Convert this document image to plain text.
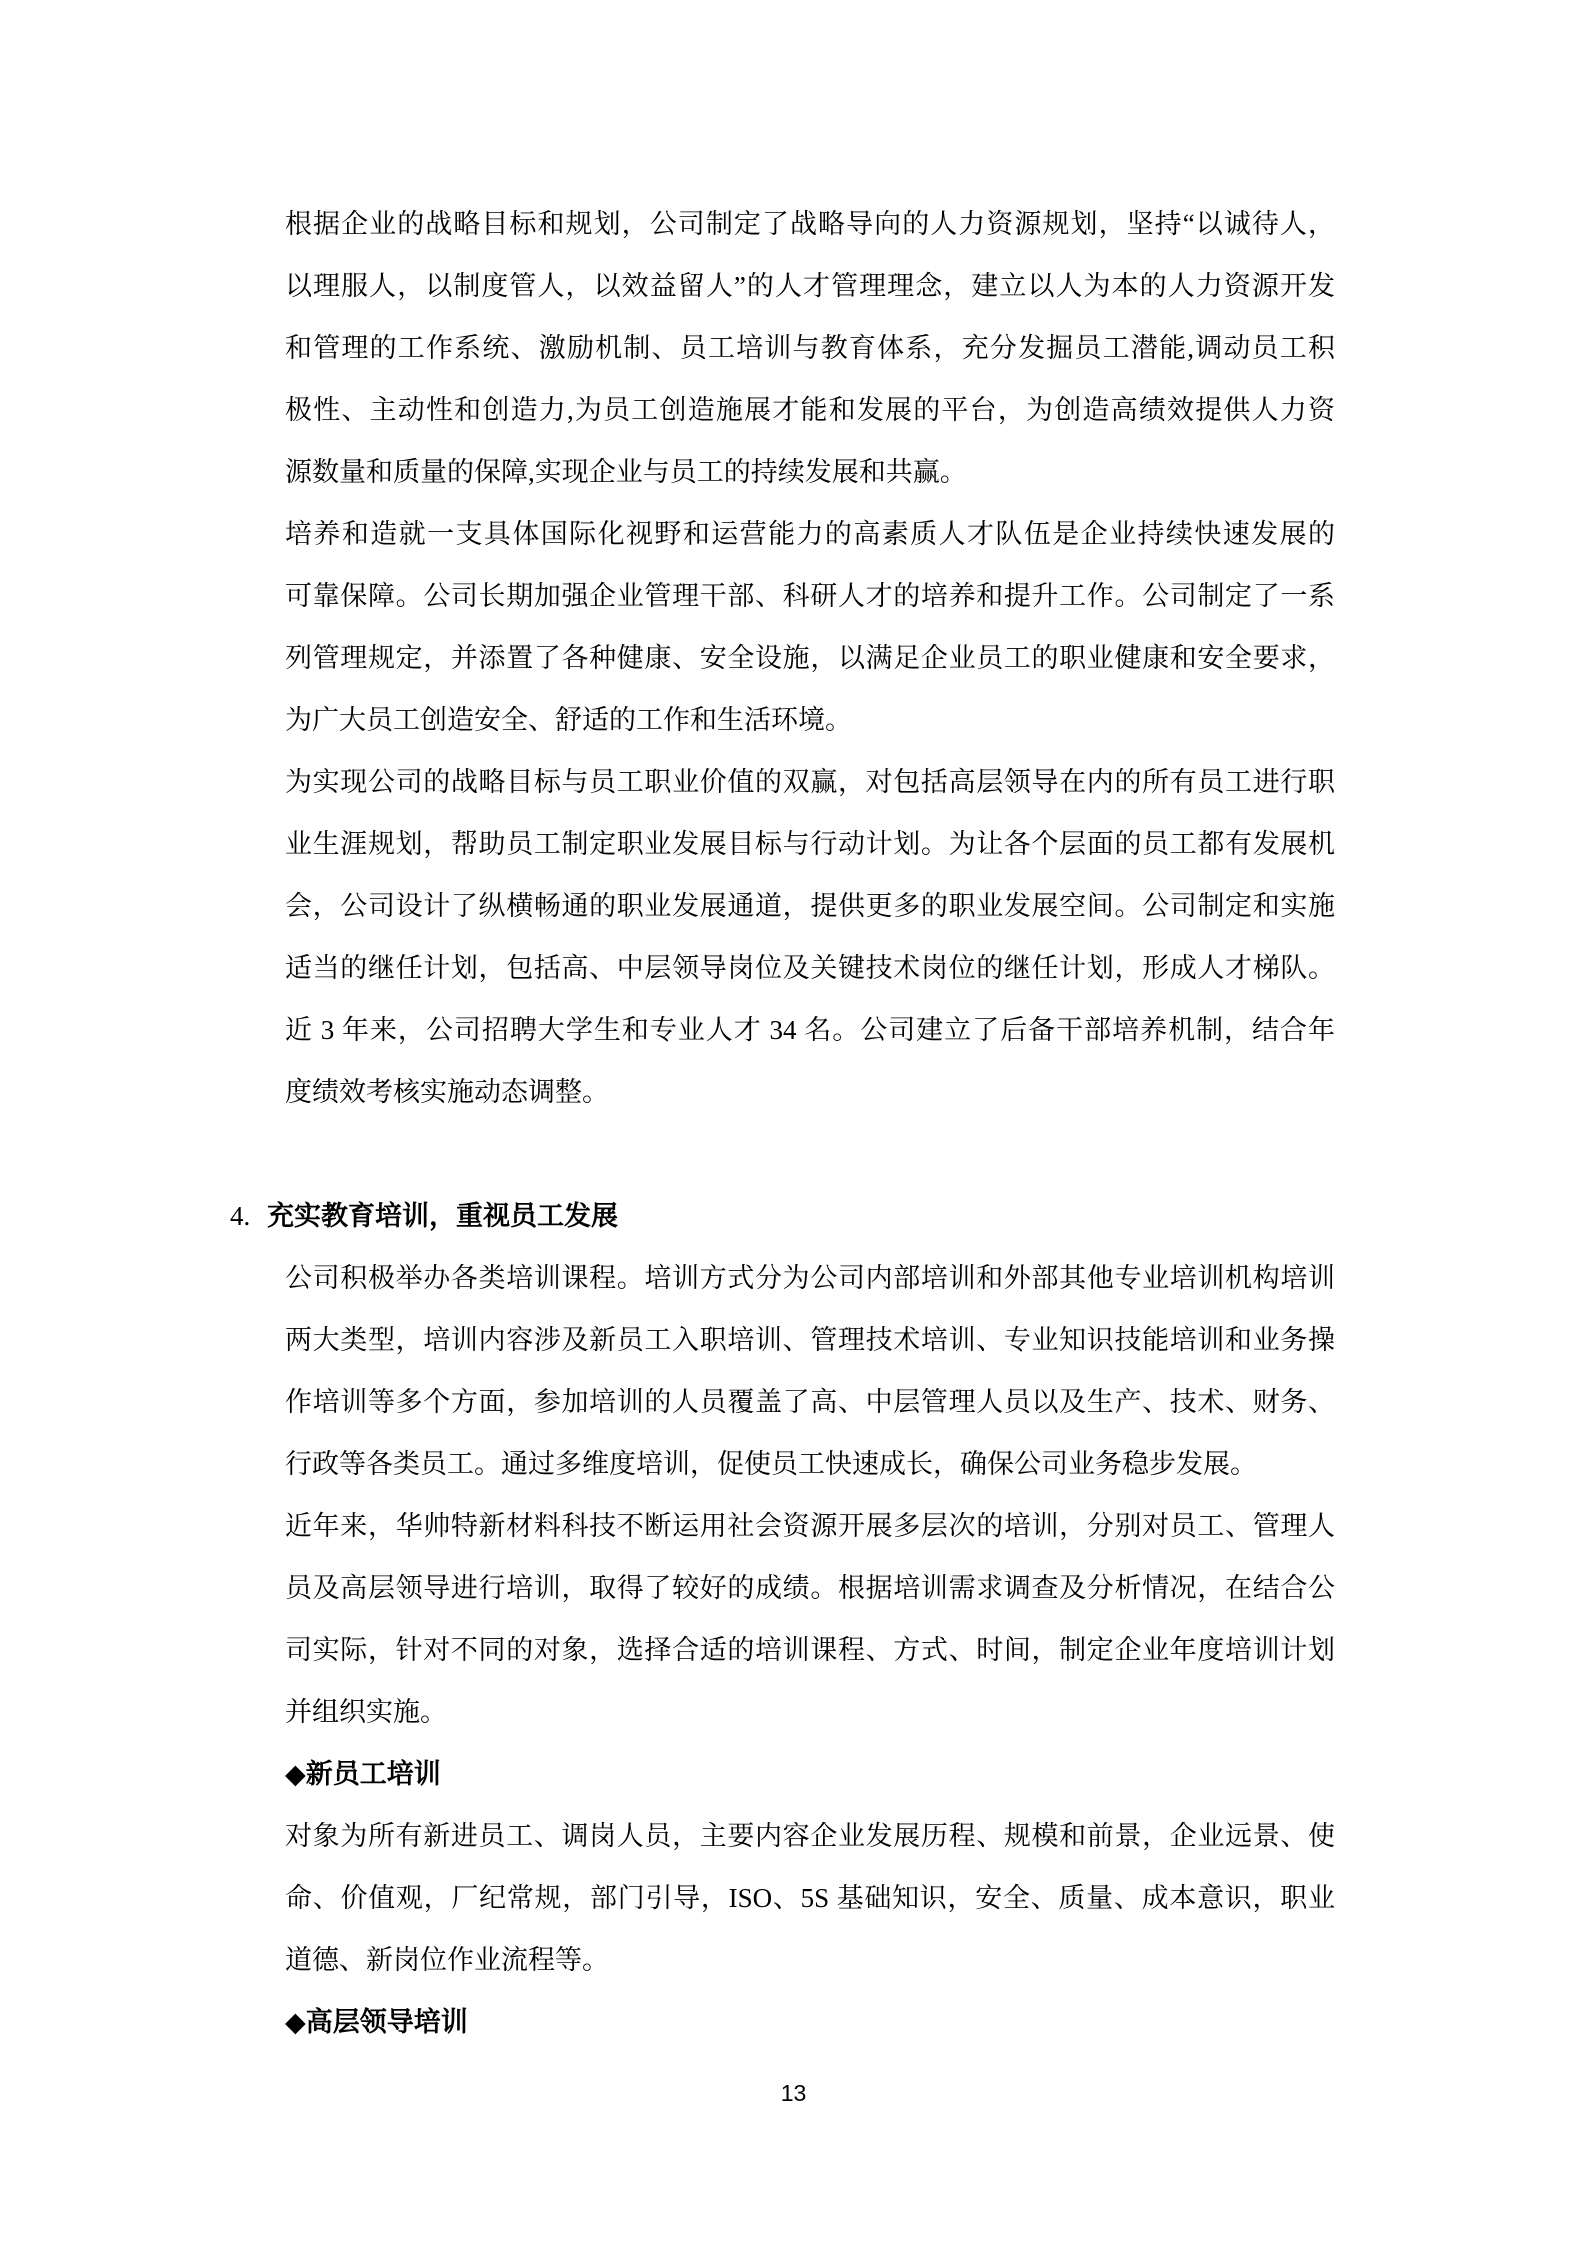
根据企业的战略目标和规划，公司制定了战略导向的人力资源规划，坚持“以诚待人，
以理服人，以制度管人，以效益留人”的人才管理理念，建立以人为本的人力资源开发
和管理的工作系统、激励机制、员工培训与教育体系，充分发掘员工潜能,调动员工积
极性、主动性和创造力,为员工创造施展才能和发展的平台，为创造高绩效提供人力资
源数量和质量的保障,实现企业与员工的持续发展和共赢。
培养和造就一支具体国际化视野和运营能力的高素质人才队伍是企业持续快速发展的
可靠保障。公司长期加强企业管理干部、科研人才的培养和提升工作。公司制定了一系
列管理规定，并添置了各种健康、安全设施，以满足企业员工的职业健康和安全要求，
为广大员工创造安全、舒适的工作和生活环境。
为实现公司的战略目标与员工职业价值的双赢，对包括高层领导在内的所有员工进行职
业生涯规划，帮助员工制定职业发展目标与行动计划。为让各个层面的员工都有发展机
会，公司设计了纵横畅通的职业发展通道，提供更多的职业发展空间。公司制定和实施
适当的继任计划，包括高、中层领导岗位及关键技术岗位的继任计划，形成人才梯队。
近 3 年来，公司招聘大学生和专业人才 34 名。公司建立了后备干部培养机制，结合年
度绩效考核实施动态调整。
4. 充实教育培训，重视员工发展
公司积极举办各类培训课程。培训方式分为公司内部培训和外部其他专业培训机构培训
两大类型，培训内容涉及新员工入职培训、管理技术培训、专业知识技能培训和业务操
作培训等多个方面，参加培训的人员覆盖了高、中层管理人员以及生产、技术、财务、
行政等各类员工。通过多维度培训，促使员工快速成长，确保公司业务稳步发展。
近年来，华帅特新材料科技不断运用社会资源开展多层次的培训，分别对员工、管理人
员及高层领导进行培训，取得了较好的成绩。根据培训需求调查及分析情况，在结合公
司实际，针对不同的对象，选择合适的培训课程、方式、时间，制定企业年度培训计划
并组织实施。
◆新员工培训
对象为所有新进员工、调岗人员，主要内容企业发展历程、规模和前景，企业远景、使
命、价值观，厂纪常规，部门引导，ISO、5S 基础知识，安全、质量、成本意识，职业
道德、新岗位作业流程等。
◆高层领导培训
13
